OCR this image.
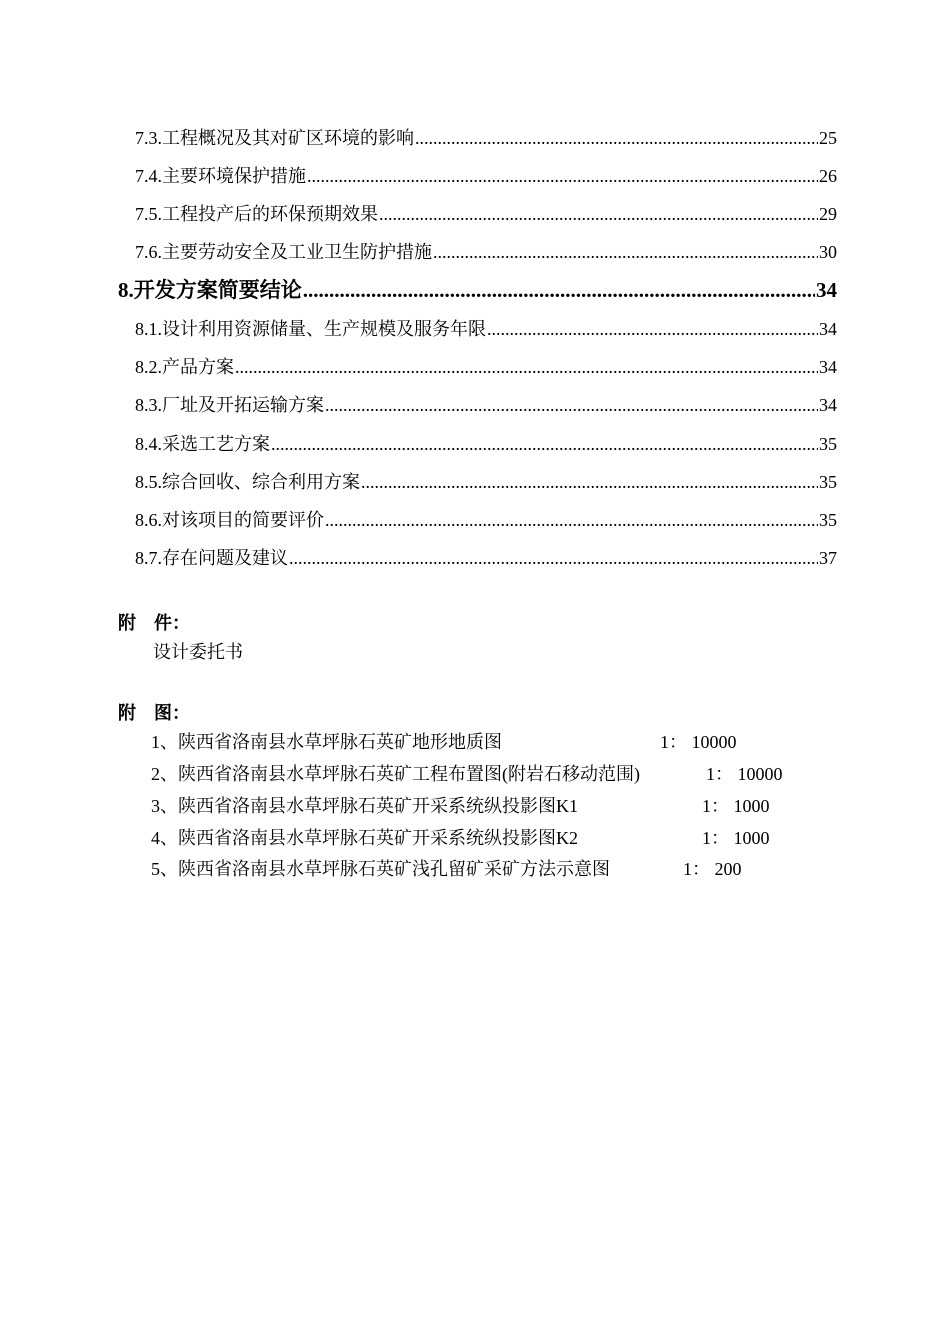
7.3.工程概况及其对矿区环境的影响 .....	25
7.4.主要环境保护措施 .....	26
7.5.工程投产后的环保预期效果 .....	29
7.6.主要劳动安全及工业卫生防护措施 .....	30
8.开发方案简要结论 .....	34
8.1.设计利用资源储量、生产规模及服务年限 .....	34
8.2.产品方案 .....	34
8.3.厂址及开拓运输方案 .....	34
8.4.采选工艺方案 .....	35
8.5.综合回收、综合利用方案 .....	35
8.6.对该项目的简要评价 .....	35
8.7.存在问题及建议 .....	37
附    件：
设计委托书
附    图：
1、陕西省洛南县水草坪脉石英矿地形地质图	1： 10000
2、陕西省洛南县水草坪脉石英矿工程布置图(附岩石移动范围)	1： 10000
3、陕西省洛南县水草坪脉石英矿开采系统纵投影图K1	1： 1000
4、陕西省洛南县水草坪脉石英矿开采系统纵投影图K2	1： 1000
5、陕西省洛南县水草坪脉石英矿浅孔留矿采矿方法示意图	1： 200
